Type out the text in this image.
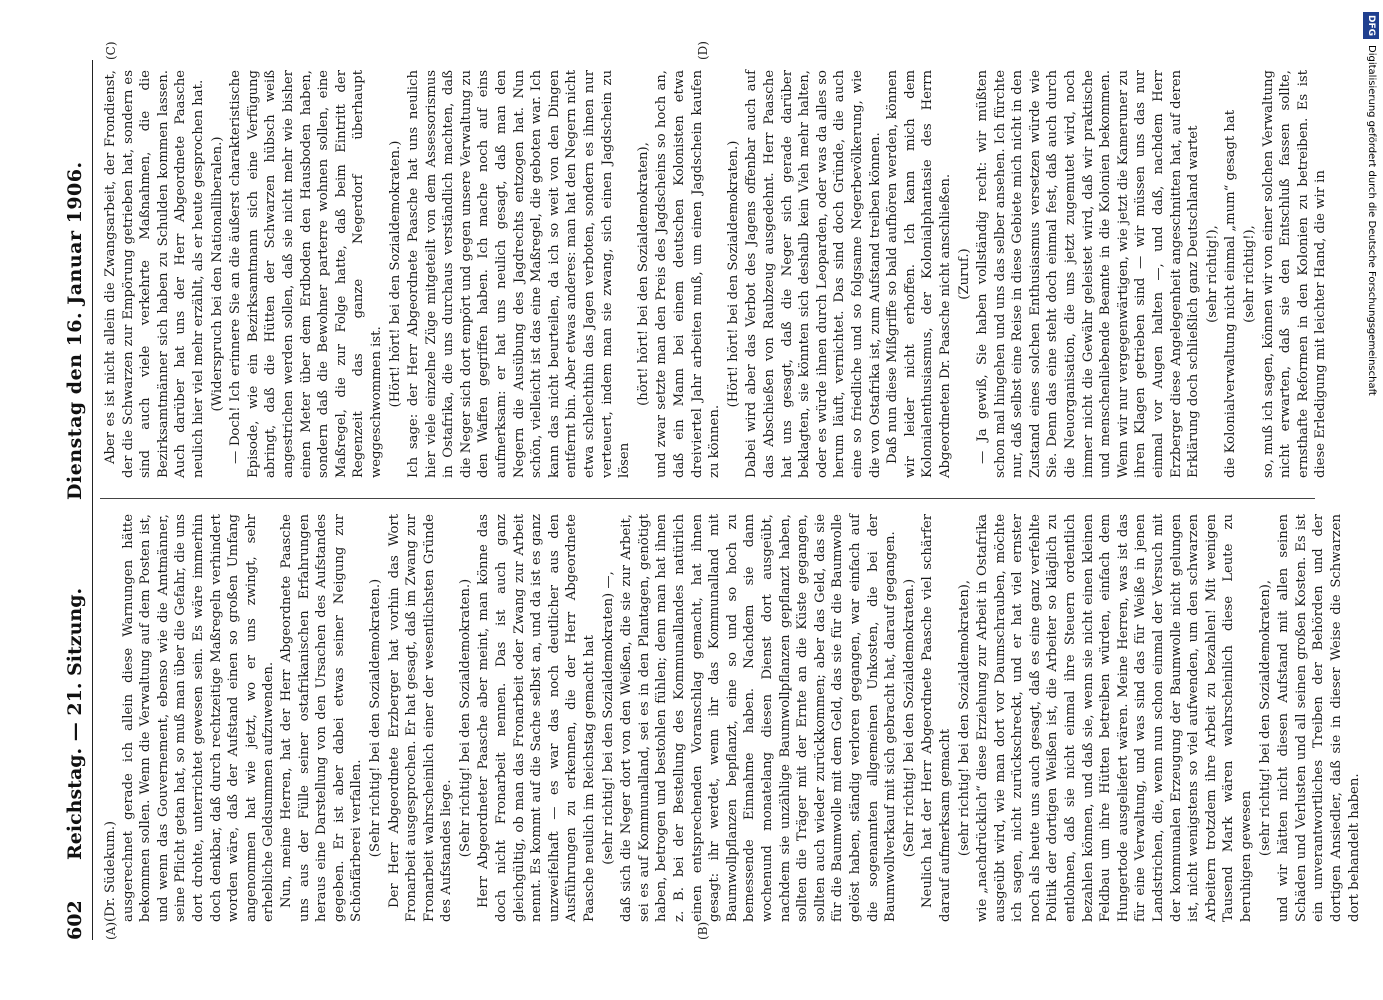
602
Reichstag. — 21. Sitzung.
Dienstag den 16. Januar 1906.
(A)	(B)
(C)	(D)

(Dr. Südekum.) ausgerechnet gerade ich allein diese Warnungen hätte bekommen sollen. Wenn die Verwaltung auf dem Posten ist, und wenn das Gouvernement, ebenso wie die Amtmänner, seine Pflicht getan hat, so muß man über die Gefahr, die uns dort drohte, unterrichtet gewesen sein. Es wäre immerhin doch denkbar, daß durch rechtzeitige Maßregeln verhindert worden wäre, daß der Aufstand einen so großen Umfang angenommen hat wie jetzt, wo er uns zwingt, sehr erhebliche Geldsummen aufzuwenden. Nun, meine Herren, hat der Herr Abgeordnete Paasche uns aus der Fülle seiner ostafrikanischen Erfahrungen heraus eine Darstellung von den Ursachen des Aufstandes gegeben. Er ist aber dabei etwas seiner Neigung zur Schönfärberei verfallen. (Sehr richtig! bei den Sozialdemokraten.) Der Herr Abgeordnete Erzberger hat vorhin das Wort Fronarbeit ausgesprochen. Er hat gesagt, daß im Zwang zur Fronarbeit wahrscheinlich einer der wesentlichsten Gründe des Aufstandes liege. (Sehr richtig! bei den Sozialdemokraten.) Herr Abgeordneter Paasche aber meint, man könne das doch nicht Fronarbeit nennen. Das ist auch ganz gleichgültig, ob man das Fronarbeit oder Zwang zur Arbeit nennt. Es kommt auf die Sache selbst an, und da ist es ganz unzweifelhaft — es war das noch deutlicher aus den Ausführungen zu erkennen, die der Herr Abgeordnete Paasche neulich im Reichstag gemacht hat (sehr richtig! bei den Sozialdemokraten) —, daß sich die Neger dort von den Weißen, die sie zur Arbeit, sei es auf Kommunalland, sei es in den Plantagen, genötigt haben, betrogen und bestohlen fühlen; denn man hat ihnen z. B. bei der Bestellung des Kommunallandes natürlich einen entsprechenden Voranschlag gemacht, hat ihnen gesagt: ihr werdet, wenn ihr das Kommunalland mit Baumwollpflanzen bepflanzt, eine so und so hoch zu bemessende Einnahme haben. Nachdem sie dann wochenund monatelang diesen Dienst dort ausgeübt, nachdem sie unzählige Baumwollpflanzen gepflanzt haben, sollten die Träger mit der Ernte an die Küste gegangen, sollten auch wieder zurückkommen; aber das Geld, das sie für die Baumwolle mit dem Geld, das sie für die Baumwolle gelöst haben, ständig verloren gegangen, war einfach auf die sogenannten allgemeinen Unkosten, die bei der Baumwollverkauf mit sich gebracht hat, darauf gegangen. (Sehr richtig! bei den Sozialdemokraten.) Neulich hat der Herr Abgeordnete Paasche viel schärfer darauf aufmerksam gemacht (sehr richtig! bei den Sozialdemokraten), wie „nachdrücklich“ diese Erziehung zur Arbeit in Ostafrika ausgeübt wird, wie man dort vor Daumschrauben, möchte ich sagen, nicht zurückschreckt, und er hat viel ernster noch als heute uns auch gesagt, daß es eine ganz verfehlte Politik der dortigen Weißen ist, die Arbeiter so kläglich zu entlohnen, daß sie nicht einmal ihre Steuern ordentlich bezahlen können, und daß sie, wenn sie nicht einen kleinen Feldbau um ihre Hütten betreiben würden, einfach dem Hungertode ausgeliefert wären. Meine Herren, was ist das für eine Verwaltung, und was sind das für Weiße in jenen Landstrichen, die, wenn nun schon einmal der Versuch mit der kommunalen Erzeugung der Baumwolle nicht gelungen ist, nicht wenigstens so viel aufwenden, um den schwarzen Arbeitern trotzdem ihre Arbeit zu bezahlen! Mit wenigen Tausend Mark wären wahrscheinlich diese Leute zu beruhigen gewesen

(sehr richtig! bei den Sozialdemokraten), und wir hätten nicht diesen Aufstand mit allen seinen Schäden und Verlusten und all seinen großen Kosten. Es ist ein unverantwortliches Treiben der Behörden und der dortigen Ansiedler, daß sie in dieser Weise die Schwarzen dort behandelt haben.

Aber es ist nicht allein die Zwangsarbeit, der Frondienst, der die Schwarzen zur Empörung getrieben hat, sondern es sind auch viele verkehrte Maßnahmen, die die Bezirksamtmänner sich haben zu Schulden kommen lassen. Auch darüber hat uns der Herr Abgeordnete Paasche neulich hier viel mehr erzählt, als er heute gesprochen hat. (Widerspruch bei den Nationalliberalen.) — Doch! Ich erinnere Sie an die äußerst charakteristische Episode, wie ein Bezirksamtmann sich eine Verfügung abringt, daß die Hütten der Schwarzen hübsch weiß angestrichen werden sollen, daß sie nicht mehr wie bisher einen Meter über dem Erdboden den Hausboden haben, sondern daß die Bewohner parterre wohnen sollen, eine Maßregel, die zur Folge hatte, daß beim Eintritt der Regenzeit das ganze Negerdorf überhaupt weggeschwommen ist. (Hört! hört! bei den Sozialdemokraten.) Ich sage: der Herr Abgeordnete Paasche hat uns neulich hier viele einzelne Züge mitgeteilt von dem Assessorismus in Ostafrika, die uns durchaus verständlich machten, daß die Neger sich dort empört und gegen unsere Verwaltung zu den Waffen gegriffen haben. Ich mache noch auf eins aufmerksam: er hat uns neulich gesagt, daß man den Negern die Ausübung des Jagdrechts entzogen hat. Nun schön, vielleicht ist das eine Maßregel, die geboten war. Ich kann das nicht beurteilen, da ich so weit von den Dingen entfernt bin. Aber etwas anderes: man hat den Negern nicht etwa schlechthin das Jagen verboten, sondern es ihnen nur verteuert, indem man sie zwang, sich einen Jagdschein zu lösen

(hört! hört! bei den Sozialdemokraten), und zwar setzte man den Preis des Jagdscheins so hoch an, daß ein Mann bei einem deutschen Kolonisten etwa dreiviertel Jahr arbeiten muß, um einen Jagdschein kaufen zu können.

(Hört! hört! bei den Sozialdemokraten.) Dabei wird aber das Verbot des Jagens offenbar auch auf das Abschießen von Raubzeug ausgedehnt. Herr Paasche hat uns gesagt, daß die Neger sich gerade darüber beklagten, sie könnten sich deshalb kein Vieh mehr halten, oder es würde ihnen durch Leoparden, oder was da alles so herum läuft, vernichtet. Das sind doch Gründe, die auch eine so friedliche und so folgsame Negerbevölkerung, wie die von Ostafrika ist, zum Aufstand treiben können. Daß nun diese Mißgriffe so bald aufhören werden, können wir leider nicht erhoffen. Ich kann mich dem Kolonialenthusiasmus, der Kolonialphantasie des Herrn Abgeordneten Dr. Paasche nicht anschließen. (Zuruf.) — Ja gewiß, Sie haben vollständig recht: wir müßten schon mal hingehen und uns das selber ansehen. Ich fürchte nur, daß selbst eine Reise in diese Gebiete mich nicht in den Zustand eines solchen Enthusiasmus versetzen würde wie Sie. Denn das eine steht doch einmal fest, daß auch durch die Neuorganisation, die uns jetzt zugemutet wird, noch immer nicht die Gewähr geleistet wird, daß wir praktische und menschenliebende Beamte in die Kolonien bekommen. Wenn wir nur vergegenwärtigen, wie jetzt die Kameruner zu ihren Klagen getrieben sind — wir müssen uns das nur einmal vor Augen halten —, und daß, nachdem Herr Erzberger diese Angelegenheit angeschnitten hat, auf deren Erklärung doch schließlich ganz Deutschland wartet (sehr richtig!), die Kolonialverwaltung nicht einmal „mum“ gesagt hat (sehr richtig!), so, muß ich sagen, können wir von einer solchen Verwaltung nicht erwarten, daß sie den Entschluß fassen sollte, ernsthafte Reformen in den Kolonien zu betreiben. Es ist diese Erledigung mit leichter Hand, die wir in

DFGDigitalisierung gefördert durch die Deutsche Forschungsgemeinschaft
